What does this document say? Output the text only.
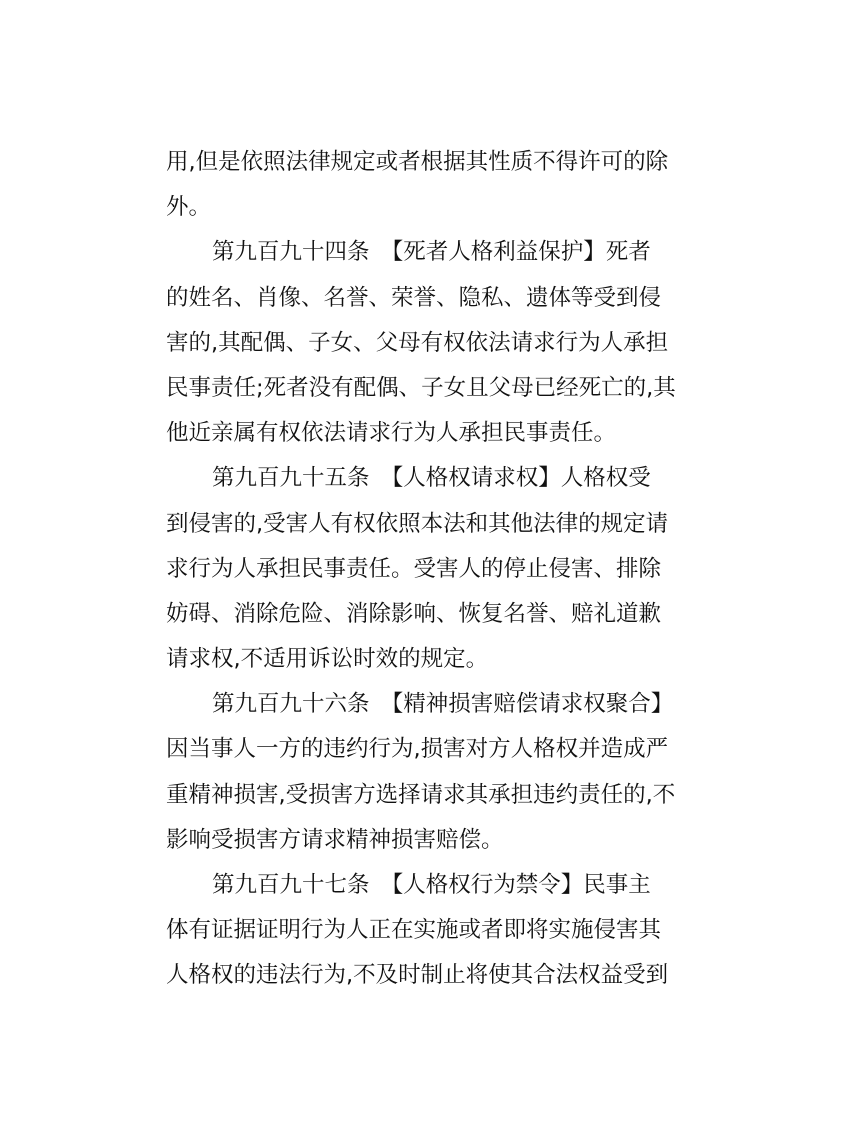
用,但是依照法律规定或者根据其性质不得许可的除
外。
第九百九十四条　【死者人格利益保护】死者
的姓名、肖像、名誉、荣誉、隐私、遗体等受到侵
害的,其配偶、子女、父母有权依法请求行为人承担
民事责任;死者没有配偶、子女且父母已经死亡的,其
他近亲属有权依法请求行为人承担民事责任。
第九百九十五条　【人格权请求权】人格权受
到侵害的,受害人有权依照本法和其他法律的规定请
求行为人承担民事责任。受害人的停止侵害、排除
妨碍、消除危险、消除影响、恢复名誉、赔礼道歉
请求权,不适用诉讼时效的规定。
第九百九十六条　【精神损害赔偿请求权聚合】
因当事人一方的违约行为,损害对方人格权并造成严
重精神损害,受损害方选择请求其承担违约责任的,不
影响受损害方请求精神损害赔偿。
第九百九十七条　【人格权行为禁令】民事主
体有证据证明行为人正在实施或者即将实施侵害其
人格权的违法行为,不及时制止将使其合法权益受到
